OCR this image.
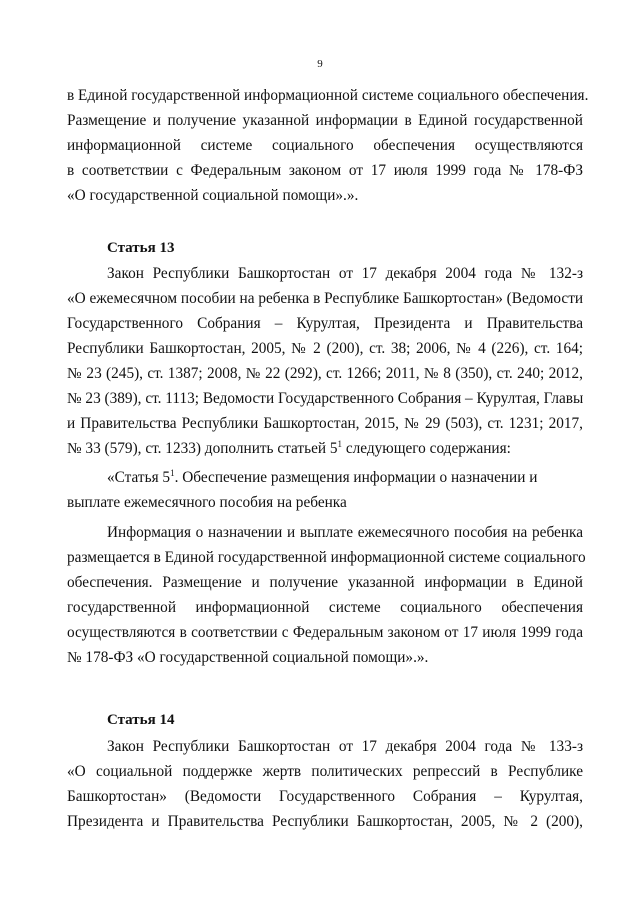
9
в Единой государственной информационной системе социального обеспечения.
Размещение и получение указанной информации в Единой государственной
информационной системе социального обеспечения осуществляются
в соответствии с Федеральным законом от 17 июля 1999 года № 178-ФЗ
«О государственной социальной помощи».».
Статья 13
Закон Республики Башкортостан от 17 декабря 2004 года № 132-з
«О ежемесячном пособии на ребенка в Республике Башкортостан» (Ведомости
Государственного Собрания – Курултая, Президента и Правительства
Республики Башкортостан, 2005, № 2 (200), ст. 38; 2006, № 4 (226), ст. 164;
№ 23 (245), ст. 1387; 2008, № 22 (292), ст. 1266; 2011, № 8 (350), ст. 240; 2012,
№ 23 (389), ст. 1113; Ведомости Государственного Собрания – Курултая, Главы
и Правительства Республики Башкортостан, 2015, № 29 (503), ст. 1231; 2017,
№ 33 (579), ст. 1233) дополнить статьей $5^1$ следующего содержания:
«Статья $5^1$. Обеспечение размещения информации о назначении и
выплате ежемесячного пособия на ребенка
Информация о назначении и выплате ежемесячного пособия на ребенка
размещается в Единой государственной информационной системе социального
обеспечения. Размещение и получение указанной информации в Единой
государственной информационной системе социального обеспечения
осуществляются в соответствии с Федеральным законом от 17 июля 1999 года
№ 178-ФЗ «О государственной социальной помощи».».
Статья 14
Закон Республики Башкортостан от 17 декабря 2004 года № 133-з
«О социальной поддержке жертв политических репрессий в Республике
Башкортостан» (Ведомости Государственного Собрания – Курултая,
Президента и Правительства Республики Башкортостан, 2005, № 2 (200),
